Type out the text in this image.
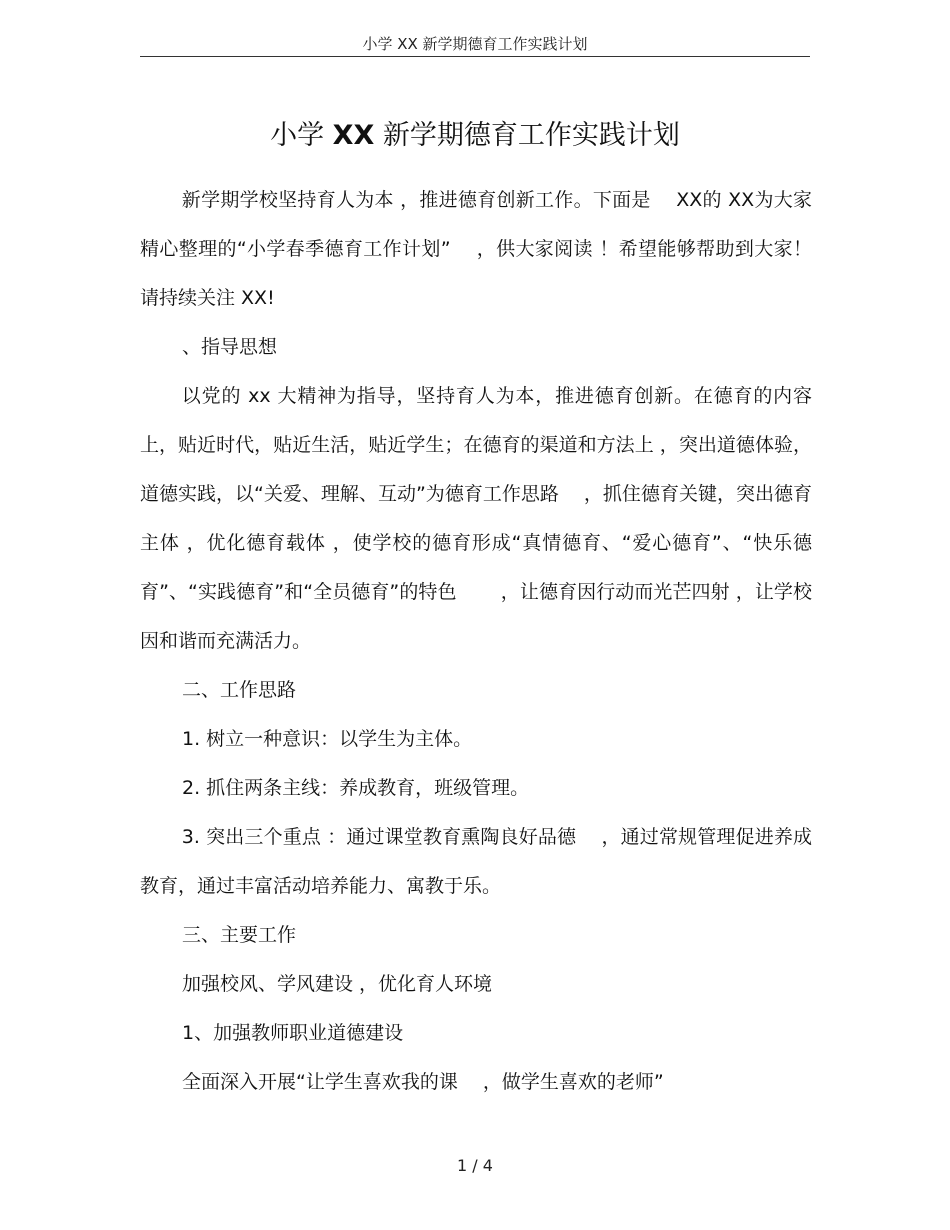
小学 XX 新学期德育工作实践计划
小学 XX 新学期德育工作实践计划

新学期学校坚持育人为本 ，推进德育创新工作。下面是　 XX的 XX为大家精心整理的“小学春季德育工作计划”　 ，供大家阅读 ！希望能够帮助到大家！请持续关注 XX!

、指导思想

以党的 xx 大精神为指导，坚持育人为本，推进德育创新。在德育的内容上，贴近时代，贴近生活，贴近学生；在德育的渠道和方法上 ，突出道德体验，道德实践，以“关爱、理解、互动”为德育工作思路　 ，抓住德育关键，突出德育主体 ，优化德育载体 ，使学校的德育形成“真情德育、“爱心德育”、“快乐德育”、“实践德育”和“全员德育”的特色　　 ，让德育因行动而光芒四射 ，让学校因和谐而充满活力。

二、工作思路

1. 树立一种意识：以学生为主体。

2. 抓住两条主线：养成教育，班级管理。

3. 突出三个重点 ：通过课堂教育熏陶良好品德　 ，通过常规管理促进养成教育，通过丰富活动培养能力、寓教于乐。

三、主要工作

加强校风、学风建设 ，优化育人环境

1、加强教师职业道德建设

全面深入开展“让学生喜欢我的课　 ，做学生喜欢的老师”

1 / 4
